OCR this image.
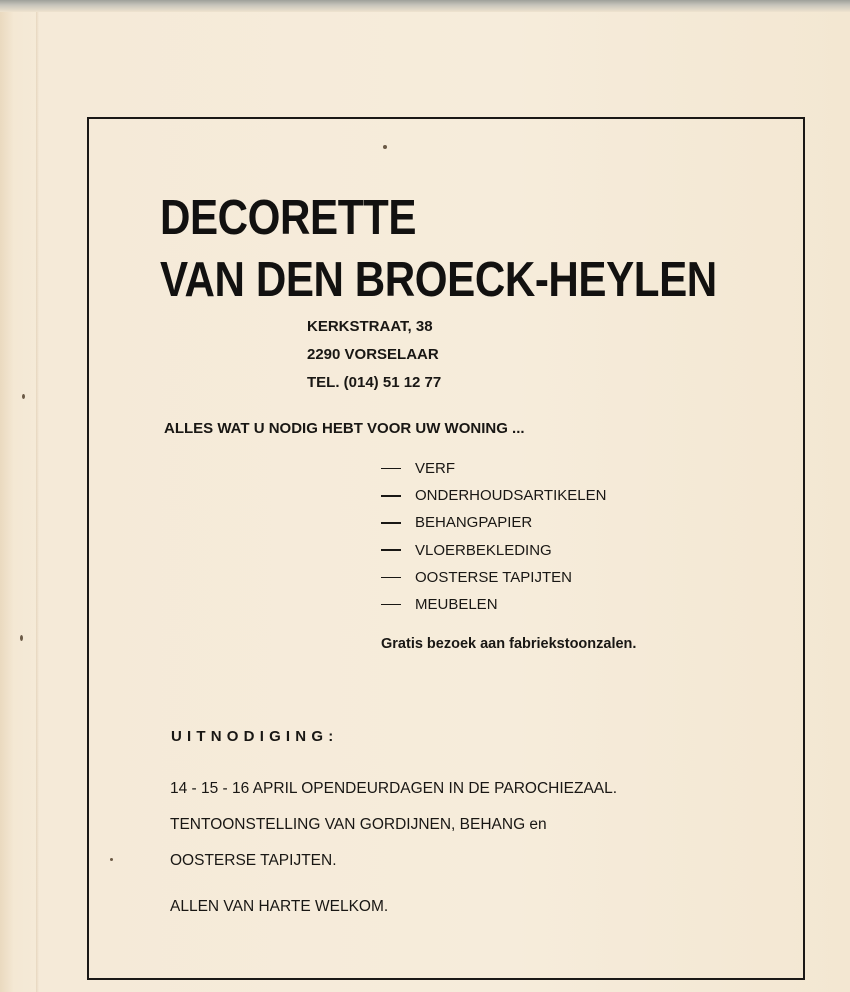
DECORETTE
VAN DEN BROECK-HEYLEN
KERKSTRAAT, 38
2290 VORSELAAR
TEL. (014) 51 12 77
ALLES WAT U NODIG HEBT VOOR UW WONING ...
VERF
ONDERHOUDSARTIKELEN
BEHANGPAPIER
VLOERBEKLEDING
OOSTERSE TAPIJTEN
MEUBELEN
Gratis bezoek aan fabriekstoonzalen.
UITNODIGING:
14 - 15 - 16 APRIL OPENDEURDAGEN IN DE PAROCHIEZAAL.
TENTOONSTELLING VAN GORDIJNEN, BEHANG en
OOSTERSE TAPIJTEN.
ALLEN VAN HARTE WELKOM.
